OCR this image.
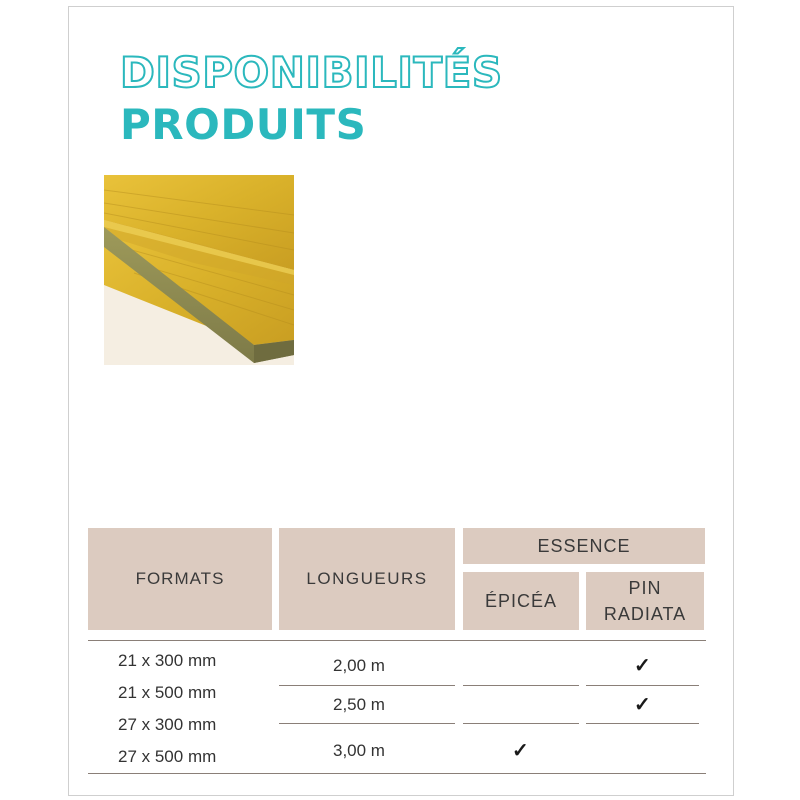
DISPONIBILITÉS
PRODUITS
FORMATS	LONGUEURS
ESSENCE
ÉPICÉA
PIN
RADIATA
21 x 300 mm
21 x 500 mm
27 x 300 mm
27 x 500 mm
2,00 m
2,50 m
3,00 m
✓
✓
✓
